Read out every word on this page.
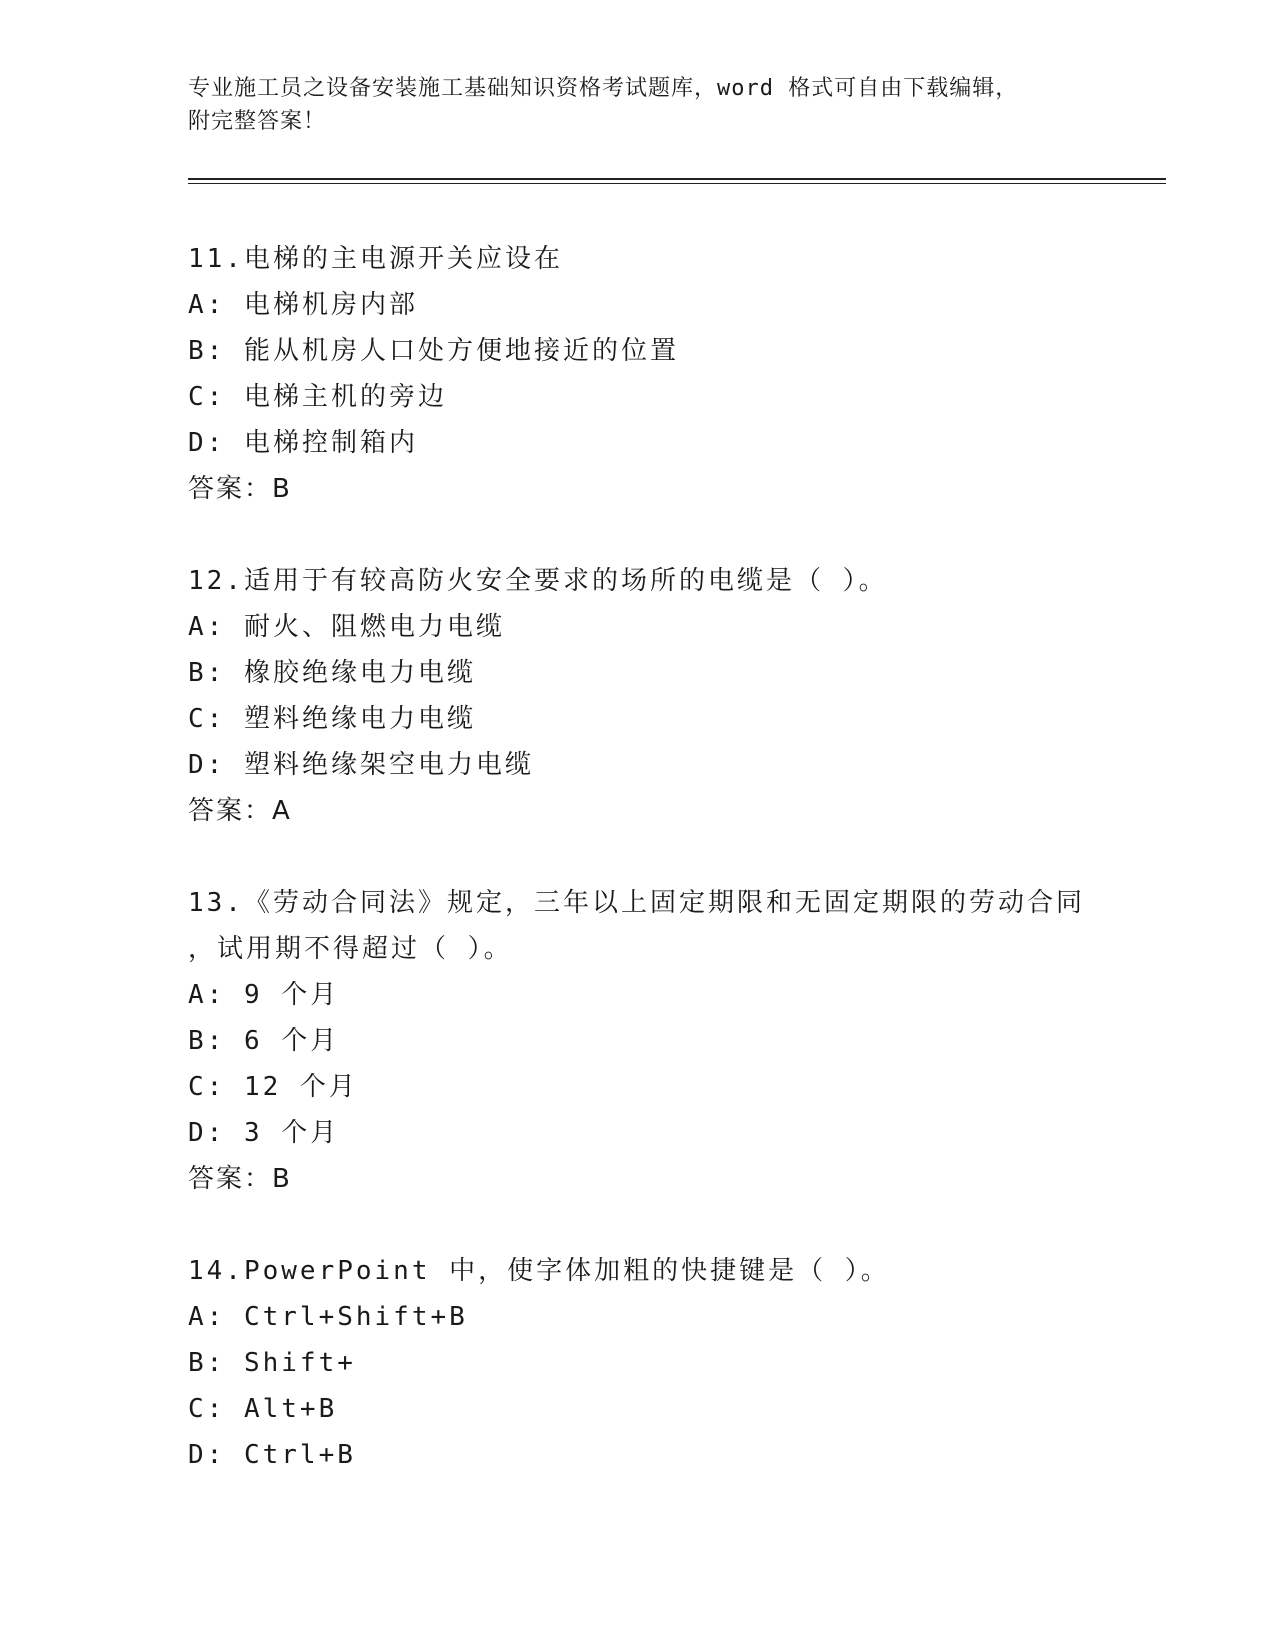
专业施工员之设备安装施工基础知识资格考试题库，word 格式可自由下载编辑，
附完整答案！
11.电梯的主电源开关应设在
A: 电梯机房内部
B: 能从机房人口处方便地接近的位置
C: 电梯主机的旁边
D: 电梯控制箱内
答案：B
12.适用于有较高防火安全要求的场所的电缆是（ ）。
A: 耐火、阻燃电力电缆
B: 橡胶绝缘电力电缆
C: 塑料绝缘电力电缆
D: 塑料绝缘架空电力电缆
答案：A
13.《劳动合同法》规定，三年以上固定期限和无固定期限的劳动合同
，试用期不得超过（ ）。
A: 9 个月
B: 6 个月
C: 12 个月
D: 3 个月
答案：B
14.PowerPoint 中，使字体加粗的快捷键是（ ）。
A: Ctrl+Shift+B
B: Shift+
C: Alt+B
D: Ctrl+B
